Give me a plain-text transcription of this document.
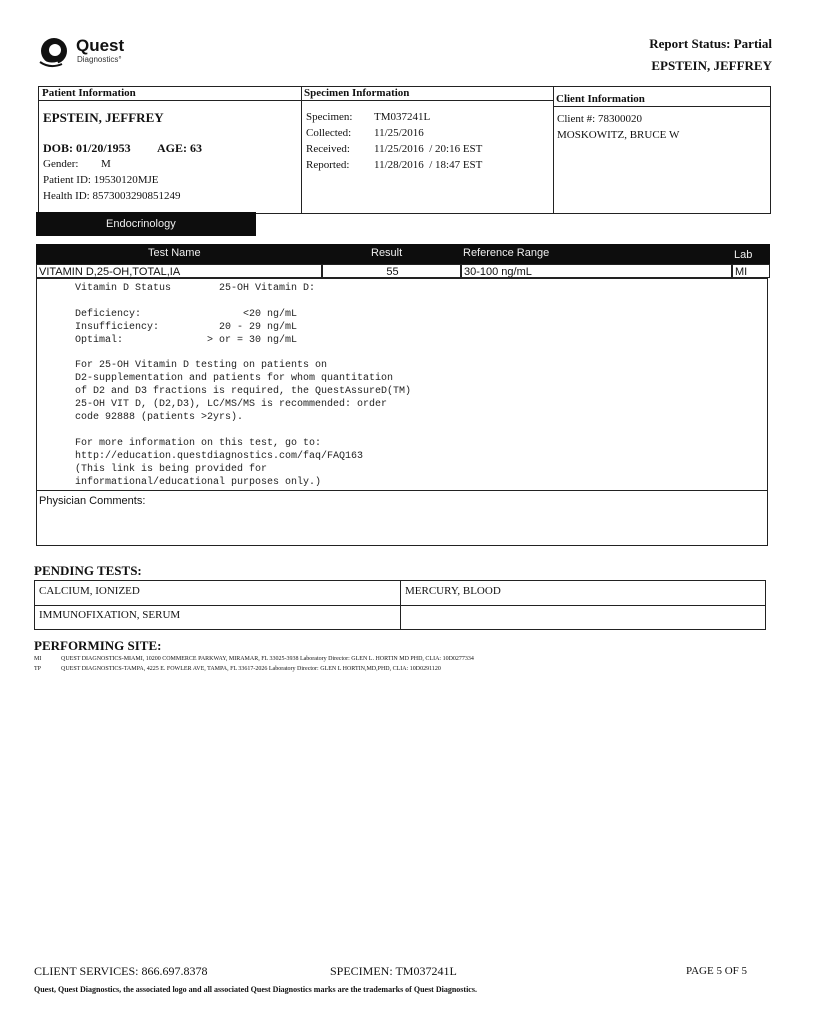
Quest
Diagnostics°
Report Status: Partial
EPSTEIN, JEFFREY
Patient Information	Specimen Information	Client Information
EPSTEIN, JEFFREY
DOB: 01/20/1953 AGE: 63
Gender: M
Patient ID: 19530120MJE
Health ID: 8573003290851249
Specimen: TM037241L
Collected: 11/25/2016
Received: 11/25/2016  / 20:16 EST
Reported: 11/28/2016  / 18:47 EST
Client #: 78300020
MOSKOWITZ, BRUCE W
Endocrinology
Test Name	Result	Reference Range	Lab
VITAMIN D,25-OH,TOTAL,IA	55	30-100 ng/mL	MI
Vitamin D Status        25-OH Vitamin D:

Deficiency:                 <20 ng/mL
Insufficiency:          20 - 29 ng/mL
Optimal:              > or = 30 ng/mL

For 25-OH Vitamin D testing on patients on
D2-supplementation and patients for whom quantitation
of D2 and D3 fractions is required, the QuestAssureD(TM)
25-OH VIT D, (D2,D3), LC/MS/MS is recommended: order
code 92888 (patients >2yrs).

For more information on this test, go to:
http://education.questdiagnostics.com/faq/FAQ163
(This link is being provided for
informational/educational purposes only.)
Physician Comments:
PENDING TESTS:
CALCIUM, IONIZED	MERCURY, BLOOD
IMMUNOFIXATION, SERUM
PERFORMING SITE:
MI	QUEST DIAGNOSTICS-MIAMI, 10200 COMMERCE PARKWAY, MIRAMAR, FL 33025-3938 Laboratory Director: GLEN L. HORTIN MD PHD, CLIA: 10D0277334
TP	QUEST DIAGNOSTICS-TAMPA, 4225 E. FOWLER AVE, TAMPA, FL 33617-2026 Laboratory Director: GLEN L HORTIN,MD,PHD, CLIA: 10D0291120
CLIENT SERVICES: 866.697.8378	SPECIMEN: TM037241L	PAGE 5 OF 5
Quest, Quest Diagnostics, the associated logo and all associated Quest Diagnostics marks are the trademarks of Quest Diagnostics.
